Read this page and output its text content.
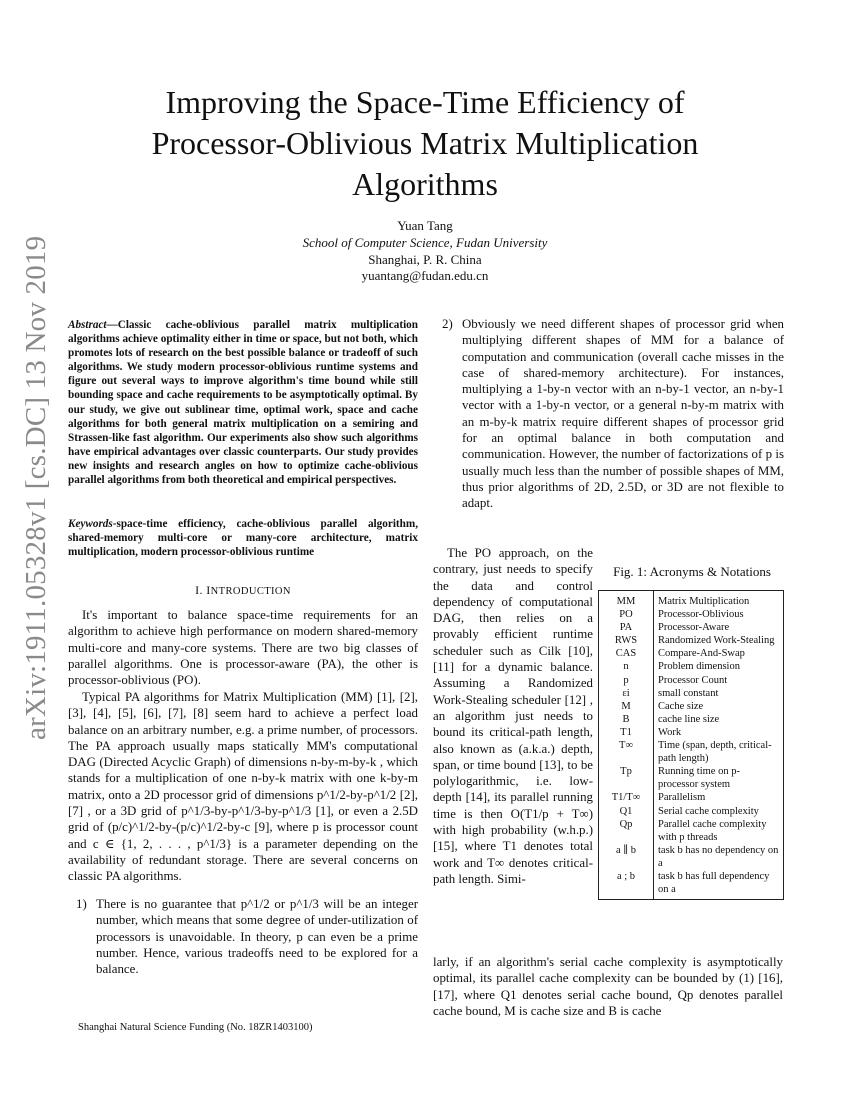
arXiv:1911.05328v1 [cs.DC] 13 Nov 2019
Improving the Space-Time Efficiency of Processor-Oblivious Matrix Multiplication Algorithms
Yuan Tang
School of Computer Science, Fudan University
Shanghai, P. R. China
yuantang@fudan.edu.cn
Abstract—Classic cache-oblivious parallel matrix multiplication algorithms achieve optimality either in time or space, but not both, which promotes lots of research on the best possible balance or tradeoff of such algorithms. We study modern processor-oblivious runtime systems and figure out several ways to improve algorithm's time bound while still bounding space and cache requirements to be asymptotically optimal. By our study, we give out sublinear time, optimal work, space and cache algorithms for both general matrix multiplication on a semiring and Strassen-like fast algorithm. Our experiments also show such algorithms have empirical advantages over classic counterparts. Our study provides new insights and research angles on how to optimize cache-oblivious parallel algorithms from both theoretical and empirical perspectives.
Keywords-space-time efficiency, cache-oblivious parallel algorithm, shared-memory multi-core or many-core architecture, matrix multiplication, modern processor-oblivious runtime
I. INTRODUCTION
It's important to balance space-time requirements for an algorithm to achieve high performance on modern shared-memory multi-core and many-core systems. There are two big classes of parallel algorithms. One is processor-aware (PA), the other is processor-oblivious (PO).
Typical PA algorithms for Matrix Multiplication (MM) [1], [2], [3], [4], [5], [6], [7], [8] seem hard to achieve a perfect load balance on an arbitrary number, e.g. a prime number, of processors. The PA approach usually maps statically MM's computational DAG (Directed Acyclic Graph) of dimensions n-by-m-by-k , which stands for a multiplication of one n-by-k matrix with one k-by-m matrix, onto a 2D processor grid of dimensions p^1/2-by-p^1/2 [2], [7] , or a 3D grid of p^1/3-by-p^1/3-by-p^1/3 [1], or even a 2.5D grid of (p/c)^1/2-by-(p/c)^1/2-by-c [9], where p is processor count and c ∈ {1, 2, . . . , p^1/3} is a parameter depending on the availability of redundant storage. There are several concerns on classic PA algorithms.
1) There is no guarantee that p^1/2 or p^1/3 will be an integer number, which means that some degree of under-utilization of processors is unavoidable. In theory, p can even be a prime number. Hence, various tradeoffs need to be explored for a balance.
Shanghai Natural Science Funding (No. 18ZR1403100)
2) Obviously we need different shapes of processor grid when multiplying different shapes of MM for a balance of computation and communication (overall cache misses in the case of shared-memory architecture). For instances, multiplying a 1-by-n vector with an n-by-1 vector, an n-by-1 vector with a 1-by-n vector, or a general n-by-m matrix with an m-by-k matrix require different shapes of processor grid for an optimal balance in both computation and communication. However, the number of factorizations of p is usually much less than the number of possible shapes of MM, thus prior algorithms of 2D, 2.5D, or 3D are not flexible to adapt.
The PO approach, on the contrary, just needs to specify the data and control dependency of computational DAG, then relies on a provably efficient runtime scheduler such as Cilk [10], [11] for a dynamic balance. Assuming a Randomized Work-Stealing scheduler [12] , an algorithm just needs to bound its critical-path length, also known as (a.k.a.) depth, span, or time bound [13], to be polylogarithmic, i.e. low-depth [14], its parallel running time is then O(T1/p + T∞) with high probability (w.h.p.) [15], where T1 denotes total work and T∞ denotes critical-path length. Simi-
Fig. 1: Acronyms & Notations
MM	Matrix Multiplication
PO	Processor-Oblivious
PA	Processor-Aware
RWS	Randomized Work-Stealing
CAS	Compare-And-Swap
n	Problem dimension
p	Processor Count
εi	small constant
M	Cache size
B	cache line size
T1	Work
T∞	Time (span, depth, critical-path length)
Tp	Running time on p-processor system
T1/T∞	Parallelism
Q1	Serial cache complexity
Qp	Parallel cache complexity with p threads
a ∥ b	task b has no dependency on a
a ; b	task b has full dependency on a
larly, if an algorithm's serial cache complexity is asymptotically optimal, its parallel cache complexity can be bounded by (1) [16], [17], where Q1 denotes serial cache bound, Qp denotes parallel cache bound, M is cache size and B is cache
